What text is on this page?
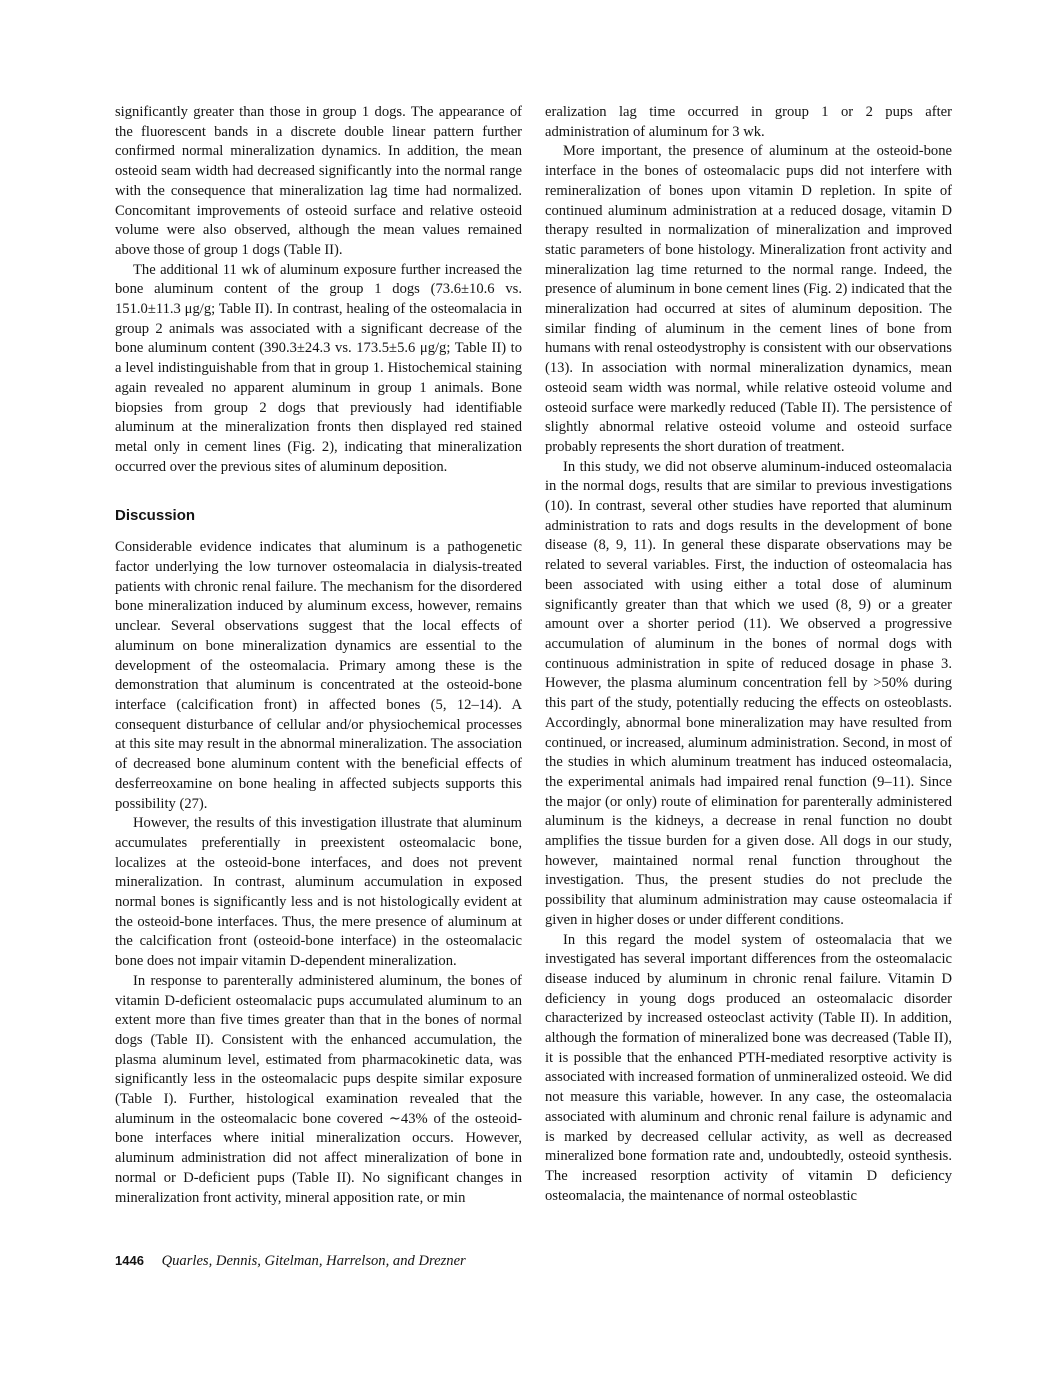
significantly greater than those in group 1 dogs. The appearance of the fluorescent bands in a discrete double linear pattern further confirmed normal mineralization dynamics. In addition, the mean osteoid seam width had decreased significantly into the normal range with the consequence that mineralization lag time had normalized. Concomitant improvements of osteoid surface and relative osteoid volume were also observed, although the mean values remained above those of group 1 dogs (Table II).

The additional 11 wk of aluminum exposure further increased the bone aluminum content of the group 1 dogs (73.6±10.6 vs. 151.0±11.3 μg/g; Table II). In contrast, healing of the osteomalacia in group 2 animals was associated with a significant decrease of the bone aluminum content (390.3±24.3 vs. 173.5±5.6 μg/g; Table II) to a level indistinguishable from that in group 1. Histochemical staining again revealed no apparent aluminum in group 1 animals. Bone biopsies from group 2 dogs that previously had identifiable aluminum at the mineralization fronts then displayed red stained metal only in cement lines (Fig. 2), indicating that mineralization occurred over the previous sites of aluminum deposition.

Discussion

Considerable evidence indicates that aluminum is a pathogenetic factor underlying the low turnover osteomalacia in dialysis-treated patients with chronic renal failure. The mechanism for the disordered bone mineralization induced by aluminum excess, however, remains unclear. Several observations suggest that the local effects of aluminum on bone mineralization dynamics are essential to the development of the osteomalacia. Primary among these is the demonstration that aluminum is concentrated at the osteoid-bone interface (calcification front) in affected bones (5, 12–14). A consequent disturbance of cellular and/or physiochemical processes at this site may result in the abnormal mineralization. The association of decreased bone aluminum content with the beneficial effects of desferreoxamine on bone healing in affected subjects supports this possibility (27).

However, the results of this investigation illustrate that aluminum accumulates preferentially in preexistent osteomalacic bone, localizes at the osteoid-bone interfaces, and does not prevent mineralization. In contrast, aluminum accumulation in exposed normal bones is significantly less and is not histologically evident at the osteoid-bone interfaces. Thus, the mere presence of aluminum at the calcification front (osteoid-bone interface) in the osteomalacic bone does not impair vitamin D-dependent mineralization.

In response to parenterally administered aluminum, the bones of vitamin D-deficient osteomalacic pups accumulated aluminum to an extent more than five times greater than that in the bones of normal dogs (Table II). Consistent with the enhanced accumulation, the plasma aluminum level, estimated from pharmacokinetic data, was significantly less in the osteomalacic pups despite similar exposure (Table I). Further, histological examination revealed that the aluminum in the osteomalacic bone covered ∼43% of the osteoid-bone interfaces where initial mineralization occurs. However, aluminum administration did not affect mineralization of bone in normal or D-deficient pups (Table II). No significant changes in mineralization front activity, mineral apposition rate, or min

eralization lag time occurred in group 1 or 2 pups after administration of aluminum for 3 wk.

More important, the presence of aluminum at the osteoid-bone interface in the bones of osteomalacic pups did not interfere with remineralization of bones upon vitamin D repletion. In spite of continued aluminum administration at a reduced dosage, vitamin D therapy resulted in normalization of mineralization and improved static parameters of bone histology. Mineralization front activity and mineralization lag time returned to the normal range. Indeed, the presence of aluminum in bone cement lines (Fig. 2) indicated that the mineralization had occurred at sites of aluminum deposition. The similar finding of aluminum in the cement lines of bone from humans with renal osteodystrophy is consistent with our observations (13). In association with normal mineralization dynamics, mean osteoid seam width was normal, while relative osteoid volume and osteoid surface were markedly reduced (Table II). The persistence of slightly abnormal relative osteoid volume and osteoid surface probably represents the short duration of treatment.

In this study, we did not observe aluminum-induced osteomalacia in the normal dogs, results that are similar to previous investigations (10). In contrast, several other studies have reported that aluminum administration to rats and dogs results in the development of bone disease (8, 9, 11). In general these disparate observations may be related to several variables. First, the induction of osteomalacia has been associated with using either a total dose of aluminum significantly greater than that which we used (8, 9) or a greater amount over a shorter period (11). We observed a progressive accumulation of aluminum in the bones of normal dogs with continuous administration in spite of reduced dosage in phase 3. However, the plasma aluminum concentration fell by >50% during this part of the study, potentially reducing the effects on osteoblasts. Accordingly, abnormal bone mineralization may have resulted from continued, or increased, aluminum administration. Second, in most of the studies in which aluminum treatment has induced osteomalacia, the experimental animals had impaired renal function (9–11). Since the major (or only) route of elimination for parenterally administered aluminum is the kidneys, a decrease in renal function no doubt amplifies the tissue burden for a given dose. All dogs in our study, however, maintained normal renal function throughout the investigation. Thus, the present studies do not preclude the possibility that aluminum administration may cause osteomalacia if given in higher doses or under different conditions.

In this regard the model system of osteomalacia that we investigated has several important differences from the osteomalacic disease induced by aluminum in chronic renal failure. Vitamin D deficiency in young dogs produced an osteomalacic disorder characterized by increased osteoclast activity (Table II). In addition, although the formation of mineralized bone was decreased (Table II), it is possible that the enhanced PTH-mediated resorptive activity is associated with increased formation of unmineralized osteoid. We did not measure this variable, however. In any case, the osteomalacia associated with aluminum and chronic renal failure is adynamic and is marked by decreased cellular activity, as well as decreased mineralized bone formation rate and, undoubtedly, osteoid synthesis. The increased resorption activity of vitamin D deficiency osteomalacia, the maintenance of normal osteoblastic

1446 Quarles, Dennis, Gitelman, Harrelson, and Drezner
